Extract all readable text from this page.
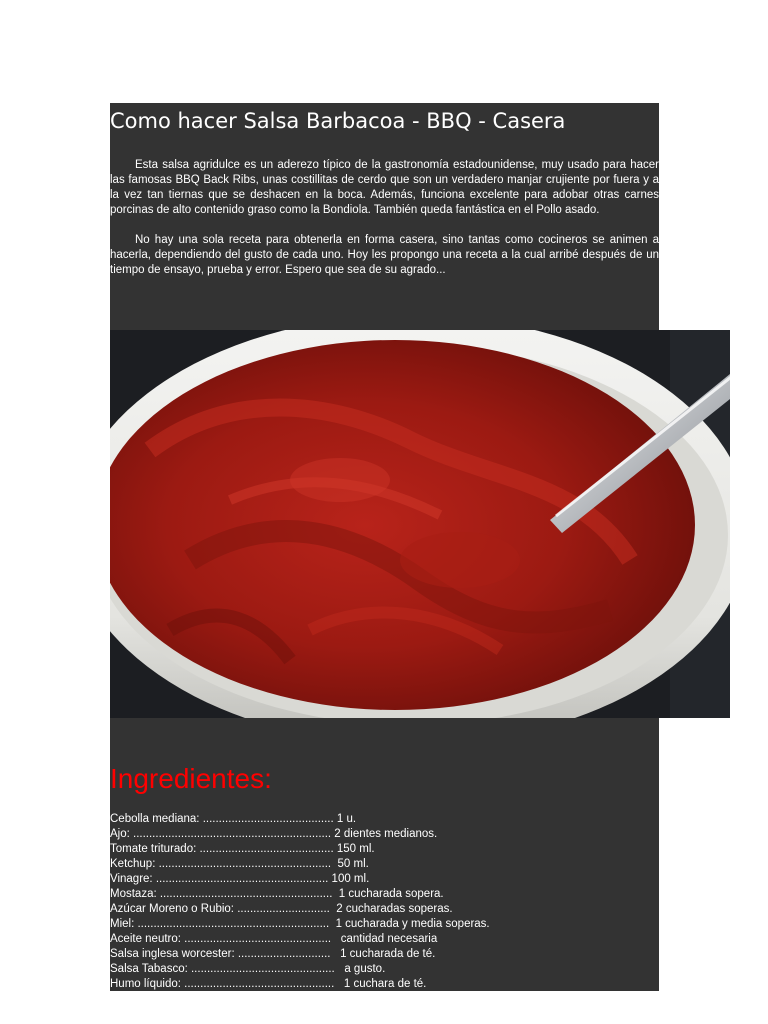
Como hacer Salsa Barbacoa - BBQ - Casera

Esta salsa agridulce es un aderezo típico de la gastronomía estadounidense, muy usado para hacer las famosas BBQ Back Ribs, unas costillitas de cerdo que son un verdadero manjar crujiente por fuera y a la vez tan tiernas que se deshacen en la boca. Además, funciona excelente para adobar otras carnes porcinas de alto contenido graso como la Bondiola. También queda fantástica en el Pollo asado.

No hay una sola receta para obtenerla en forma casera, sino tantas como cocineros se animen a hacerla, dependiendo del gusto de cada uno. Hoy les propongo una receta a la cual arribé después de un tiempo de ensayo, prueba y error. Espero que sea de su agrado...

Ingredientes:
Cebolla mediana: ......................................... 1 u.
Ajo: .............................................................. 2 dientes medianos.
Tomate triturado: .......................................... 150 ml.
Ketchup: ......................................................  50 ml.
Vinagre: ...................................................... 100 ml.
Mostaza: ......................................................  1 cucharada sopera.
Azúcar Moreno o Rubio: .............................  2 cucharadas soperas.
Miel: ............................................................  1 cucharada y media soperas.
Aceite neutro: ..............................................   cantidad necesaria
Salsa inglesa worcester: .............................   1 cucharada de té.
Salsa Tabasco: .............................................   a gusto.
Humo líquido: ...............................................   1 cuchara de té.
